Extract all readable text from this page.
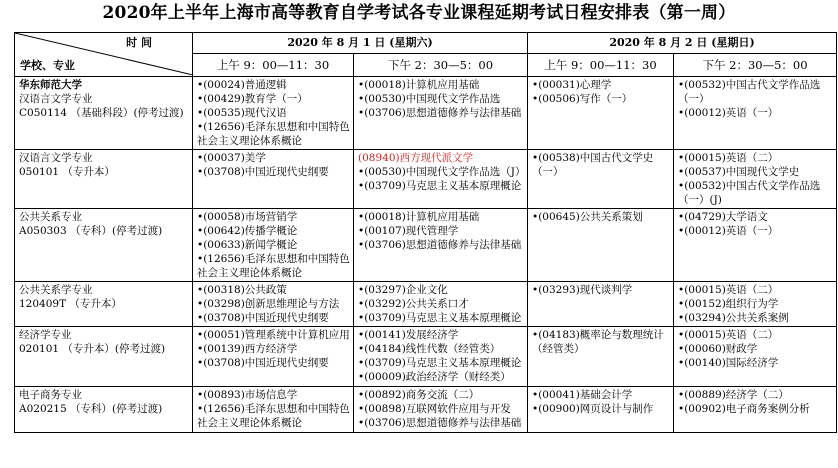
2020年上半年上海市高等教育自学考试各专业课程延期考试日程安排表（第一周）
时 间
学校、专业	2020 年 8 月 1 日 (星期六)		2020 年 8 月 2 日 (星期日)	
	上午 9：00—11：30	下午 2：30—5：00	上午 9：00—11：30	下午 2：30—5：00

华东师范大学
汉语言文学专业
C050114 （基础科段）(停考过渡)	•(00024)普通逻辑
•(00429)教育学（一）
•(00535)现代汉语
•(12656)毛泽东思想和中国特色
社会主义理论体系概论	•(00018)计算机应用基础
•(00530)中国现代文学作品选
•(03706)思想道德修养与法律基础	•(00031)心理学
•(00506)写作（一）	•(00532)中国古代文学作品选
（一）
•(00012)英语（一）

汉语言文学专业
050101 （专升本）	•(00037)美学
•(03708)中国近现代史纲要	(08940)西方现代派文学
•(00530)中国现代文学作品选（J）
•(03709)马克思主义基本原理概论	•(00538)中国古代文学史
（一）	•(00015)英语（二）
•(00537)中国现代文学史
•(00532)中国古代文学作品选
（一）(J)

公共关系专业
A050303 （专科）(停考过渡)	•(00058)市场营销学
•(00642)传播学概论
•(00633)新闻学概论
•(12656)毛泽东思想和中国特色
社会主义理论体系概论	•(00018)计算机应用基础
•(00107)现代管理学
•(03706)思想道德修养与法律基础	•(00645)公共关系策划	•(04729)大学语文
•(00012)英语（一）

公共关系学专业
120409T （专升本）	•(00318)公共政策
•(03298)创新思维理论与方法
•(03708)中国近现代史纲要	•(03297)企业文化
•(03292)公共关系口才
•(03709)马克思主义基本原理概论	•(03293)现代谈判学	•(00015)英语（二）
•(00152)组织行为学
•(03294)公共关系案例

经济学专业
020101 （专升本）(停考过渡)	•(00051)管理系统中计算机应用
•(00139)西方经济学
•(03708)中国近现代史纲要	•(00141)发展经济学
•(04184)线性代数（经管类）
•(03709)马克思主义基本原理概论
•(00009)政治经济学（财经类）	•(04183)概率论与数理统计
（经管类）	•(00015)英语（二）
•(00060)财政学
•(00140)国际经济学

电子商务专业
A020215 （专科）(停考过渡)	•(00893)市场信息学
•(12656)毛泽东思想和中国特色
社会主义理论体系概论	•(00892)商务交流（二）
•(00898)互联网软件应用与开发
•(03706)思想道德修养与法律基础	•(00041)基础会计学
•(00900)网页设计与制作	•(00889)经济学（二）
•(00902)电子商务案例分析
